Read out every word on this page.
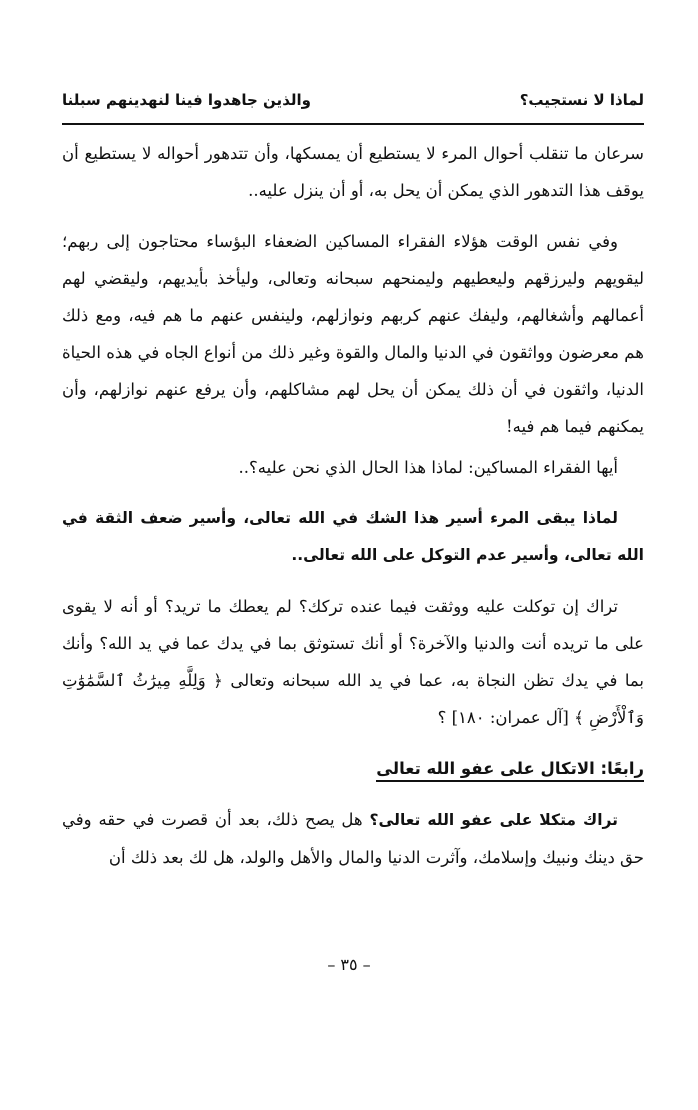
لماذا لا نستجيب؟
والذين جاهدوا فينا لنهدينهم سبلنا

سرعان ما تنقلب أحوال المرء لا يستطيع أن يمسكها، وأن تتدهور أحواله لا يستطيع أن يوقف هذا التدهور الذي يمكن أن يحل به، أو أن ينزل عليه..

وفي نفس الوقت هؤلاء الفقراء المساكين الضعفاء البؤساء محتاجون إلى ربهم؛ ليقويهم وليرزقهم وليعطيهم وليمنحهم سبحانه وتعالى، وليأخذ بأيديهم، وليقضي لهم أعمالهم وأشغالهم، وليفك عنهم كربهم ونوازلهم، ولينفس عنهم ما هم فيه، ومع ذلك هم معرضون وواثقون في الدنيا والمال والقوة وغير ذلك من أنواع الجاه في هذه الحياة الدنيا، واثقون في أن ذلك يمكن أن يحل لهم مشاكلهم، وأن يرفع عنهم نوازلهم، وأن يمكنهم فيما هم فيه!

أيها الفقراء المساكين: لماذا هذا الحال الذي نحن عليه؟..

لماذا يبقى المرء أسير هذا الشك في الله تعالى، وأسير ضعف الثقة في الله تعالى، وأسير عدم التوكل على الله تعالى..

تراك إن توكلت عليه ووثقت فيما عنده تركك؟ لم يعطك ما تريد؟ أو أنه لا يقوى على ما تريده أنت والدنيا والآخرة؟ أو أنك تستوثق بما في يدك عما في يد الله؟ وأنك بما في يدك تظن النجاة به، عما في يد الله سبحانه وتعالى ﴿ وَلِلَّهِ مِيرَٰثُ ٱلسَّمَٰوَٰتِ وَٱلْأَرْضِ ﴾ [آل عمران: ١٨٠] ؟

رابعًا: الاتكال على عفو الله تعالى

تراك متكلا على عفو الله تعالى؟ هل يصح ذلك، بعد أن قصرت في حقه وفي حق دينك ونبيك وإسلامك، وآثرت الدنيا والمال والأهل والولد، هل لك بعد ذلك أن

– ٣٥ –
